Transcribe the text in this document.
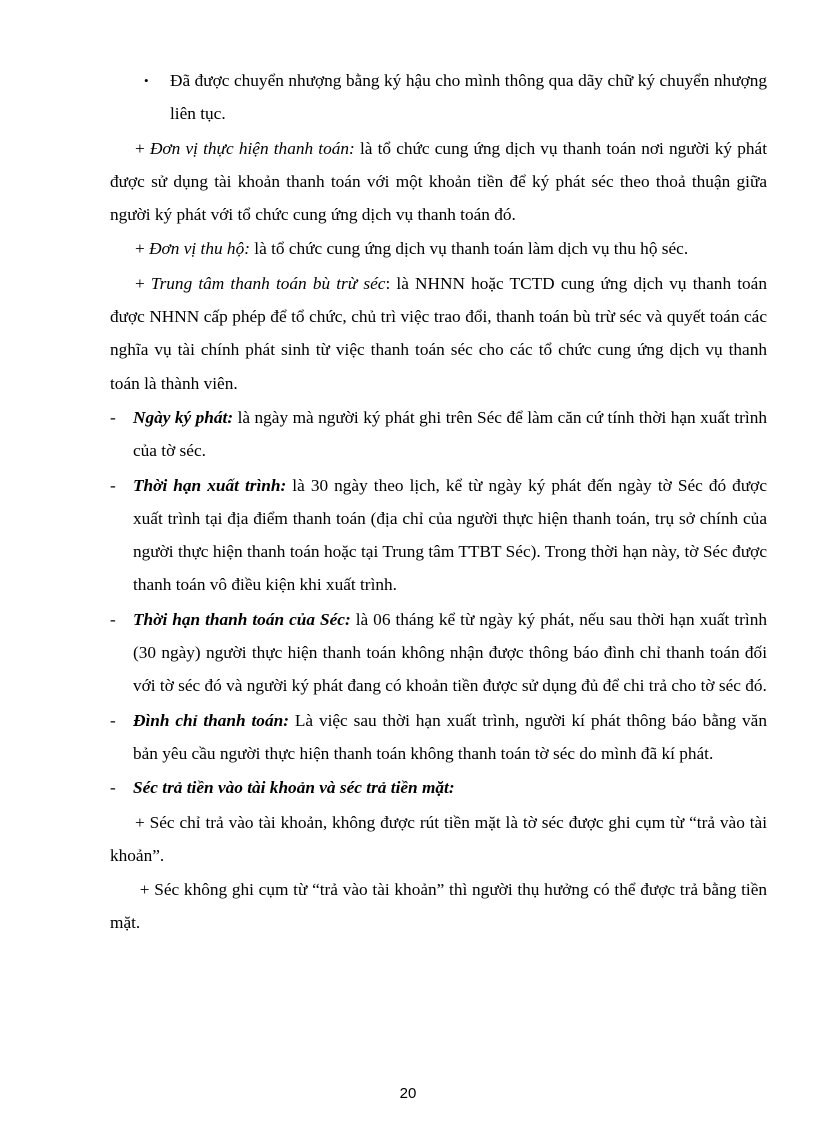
• Đã được chuyển nhượng bằng ký hậu cho mình thông qua dãy chữ ký chuyển nhượng liên tục.

+ Đơn vị thực hiện thanh toán: là tổ chức cung ứng dịch vụ thanh toán nơi người ký phát được sử dụng tài khoản thanh toán với một khoản tiền để ký phát séc theo thoả thuận giữa người ký phát với tổ chức cung ứng dịch vụ thanh toán đó.

+ Đơn vị thu hộ: là tổ chức cung ứng dịch vụ thanh toán làm dịch vụ thu hộ séc.

+ Trung tâm thanh toán bù trừ séc: là NHNN hoặc TCTD cung ứng dịch vụ thanh toán được NHNN cấp phép để tổ chức, chủ trì việc trao đổi, thanh toán bù trừ séc và quyết toán các nghĩa vụ tài chính phát sinh từ việc thanh toán séc cho các tổ chức cung ứng dịch vụ thanh toán là thành viên.

- Ngày ký phát: là ngày mà người ký phát ghi trên Séc để làm căn cứ tính thời hạn xuất trình của tờ séc.
- Thời hạn xuất trình: là 30 ngày theo lịch, kể từ ngày ký phát đến ngày tờ Séc đó được xuất trình tại địa điểm thanh toán (địa chỉ của người thực hiện thanh toán, trụ sở chính của người thực hiện thanh toán hoặc tại Trung tâm TTBT Séc). Trong thời hạn này, tờ Séc được thanh toán vô điều kiện khi xuất trình.
- Thời hạn thanh toán của Séc: là 06 tháng kể từ ngày ký phát, nếu sau thời hạn xuất trình (30 ngày) người thực hiện thanh toán không nhận được thông báo đình chỉ thanh toán đối với tờ séc đó và người ký phát đang có khoản tiền được sử dụng đủ để chi trả cho tờ séc đó.
- Đình chỉ thanh toán: Là việc sau thời hạn xuất trình, người kí phát thông báo bằng văn bản yêu cầu người thực hiện thanh toán không thanh toán tờ séc do mình đã kí phát.
- Séc trả tiền vào tài khoản và séc trả tiền mặt:

+ Séc chỉ trả vào tài khoản, không được rút tiền mặt là tờ séc được ghi cụm từ “trả vào tài khoản”.

+ Séc không ghi cụm từ “trả vào tài khoản” thì người thụ hưởng có thể được trả bằng tiền mặt.

20
